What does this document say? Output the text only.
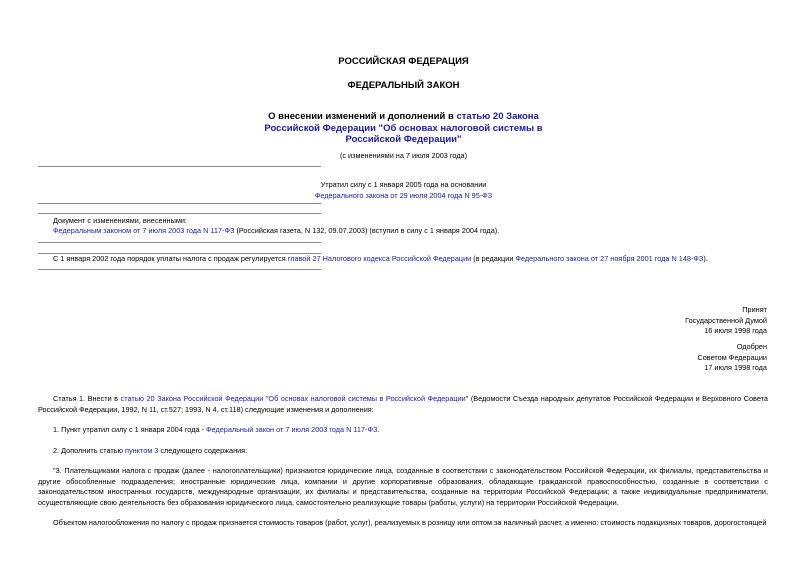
РОССИЙСКАЯ ФЕДЕРАЦИЯ
ФЕДЕРАЛЬНЫЙ ЗАКОН
О внесении изменений и дополнений в статью 20 Закона
Российской Федерации "Об основах налоговой системы в
Российской Федерации"
(с изменениями на 7 июля 2003 года)
Утратил силу с 1 января 2005 года на основании
Федерального закона от 29 июля 2004 года N 95-ФЗ
Документ с изменениями, внесенными:
Федеральным законом от 7 июля 2003 года N 117-ФЗ (Российская газета, N 132, 09.07.2003) (вступил в силу с 1 января 2004 года).
С 1 января 2002 года порядок уплаты налога с продаж регулируется главой 27 Налогового кодекса Российской Федерации (в редакции Федерального закона от 27 ноября 2001 года N 148-ФЗ).
Принят
Государственной Думой
16 июля 1998 года
Одобрен
Советом Федерации
17 июля 1998 года
Статья 1. Внести в статью 20 Закона Российской Федерации "Об основах налоговой системы в Российской Федерации" (Ведомости Съезда народных депутатов Российской Федерации и Верховного Совета Российской Федерации, 1992, N 11, ст.527; 1993, N 4, ст.118) следующие изменения и дополнения:
1. Пункт утратил силу с 1 января 2004 года - Федеральный закон от 7 июля 2003 года N 117-ФЗ.
2. Дополнить статью пунктом 3 следующего содержания:
"3. Плательщиками налога с продаж (далее - налогоплательщики) признаются юридические лица, созданные в соответствии с законодательством Российской Федерации, их филиалы, представительства и другие обособленные подразделения; иностранные юридические лица, компании и другие корпоративные образования, обладающие гражданской правоспособностью, созданные в соответствии с законодательством иностранных государств, международные организации, их филиалы и представительства, созданные на территории Российской Федерации; а также индивидуальные предприниматели, осуществляющие свою деятельность без образования юридического лица, самостоятельно реализующие товары (работы, услуги) на территории Российской Федерации.
Объектом налогообложения по налогу с продаж признается стоимость товаров (работ, услуг), реализуемых в розницу или оптом за наличный расчет, а именно: стоимость подакцизных товаров, дорогостоящей
